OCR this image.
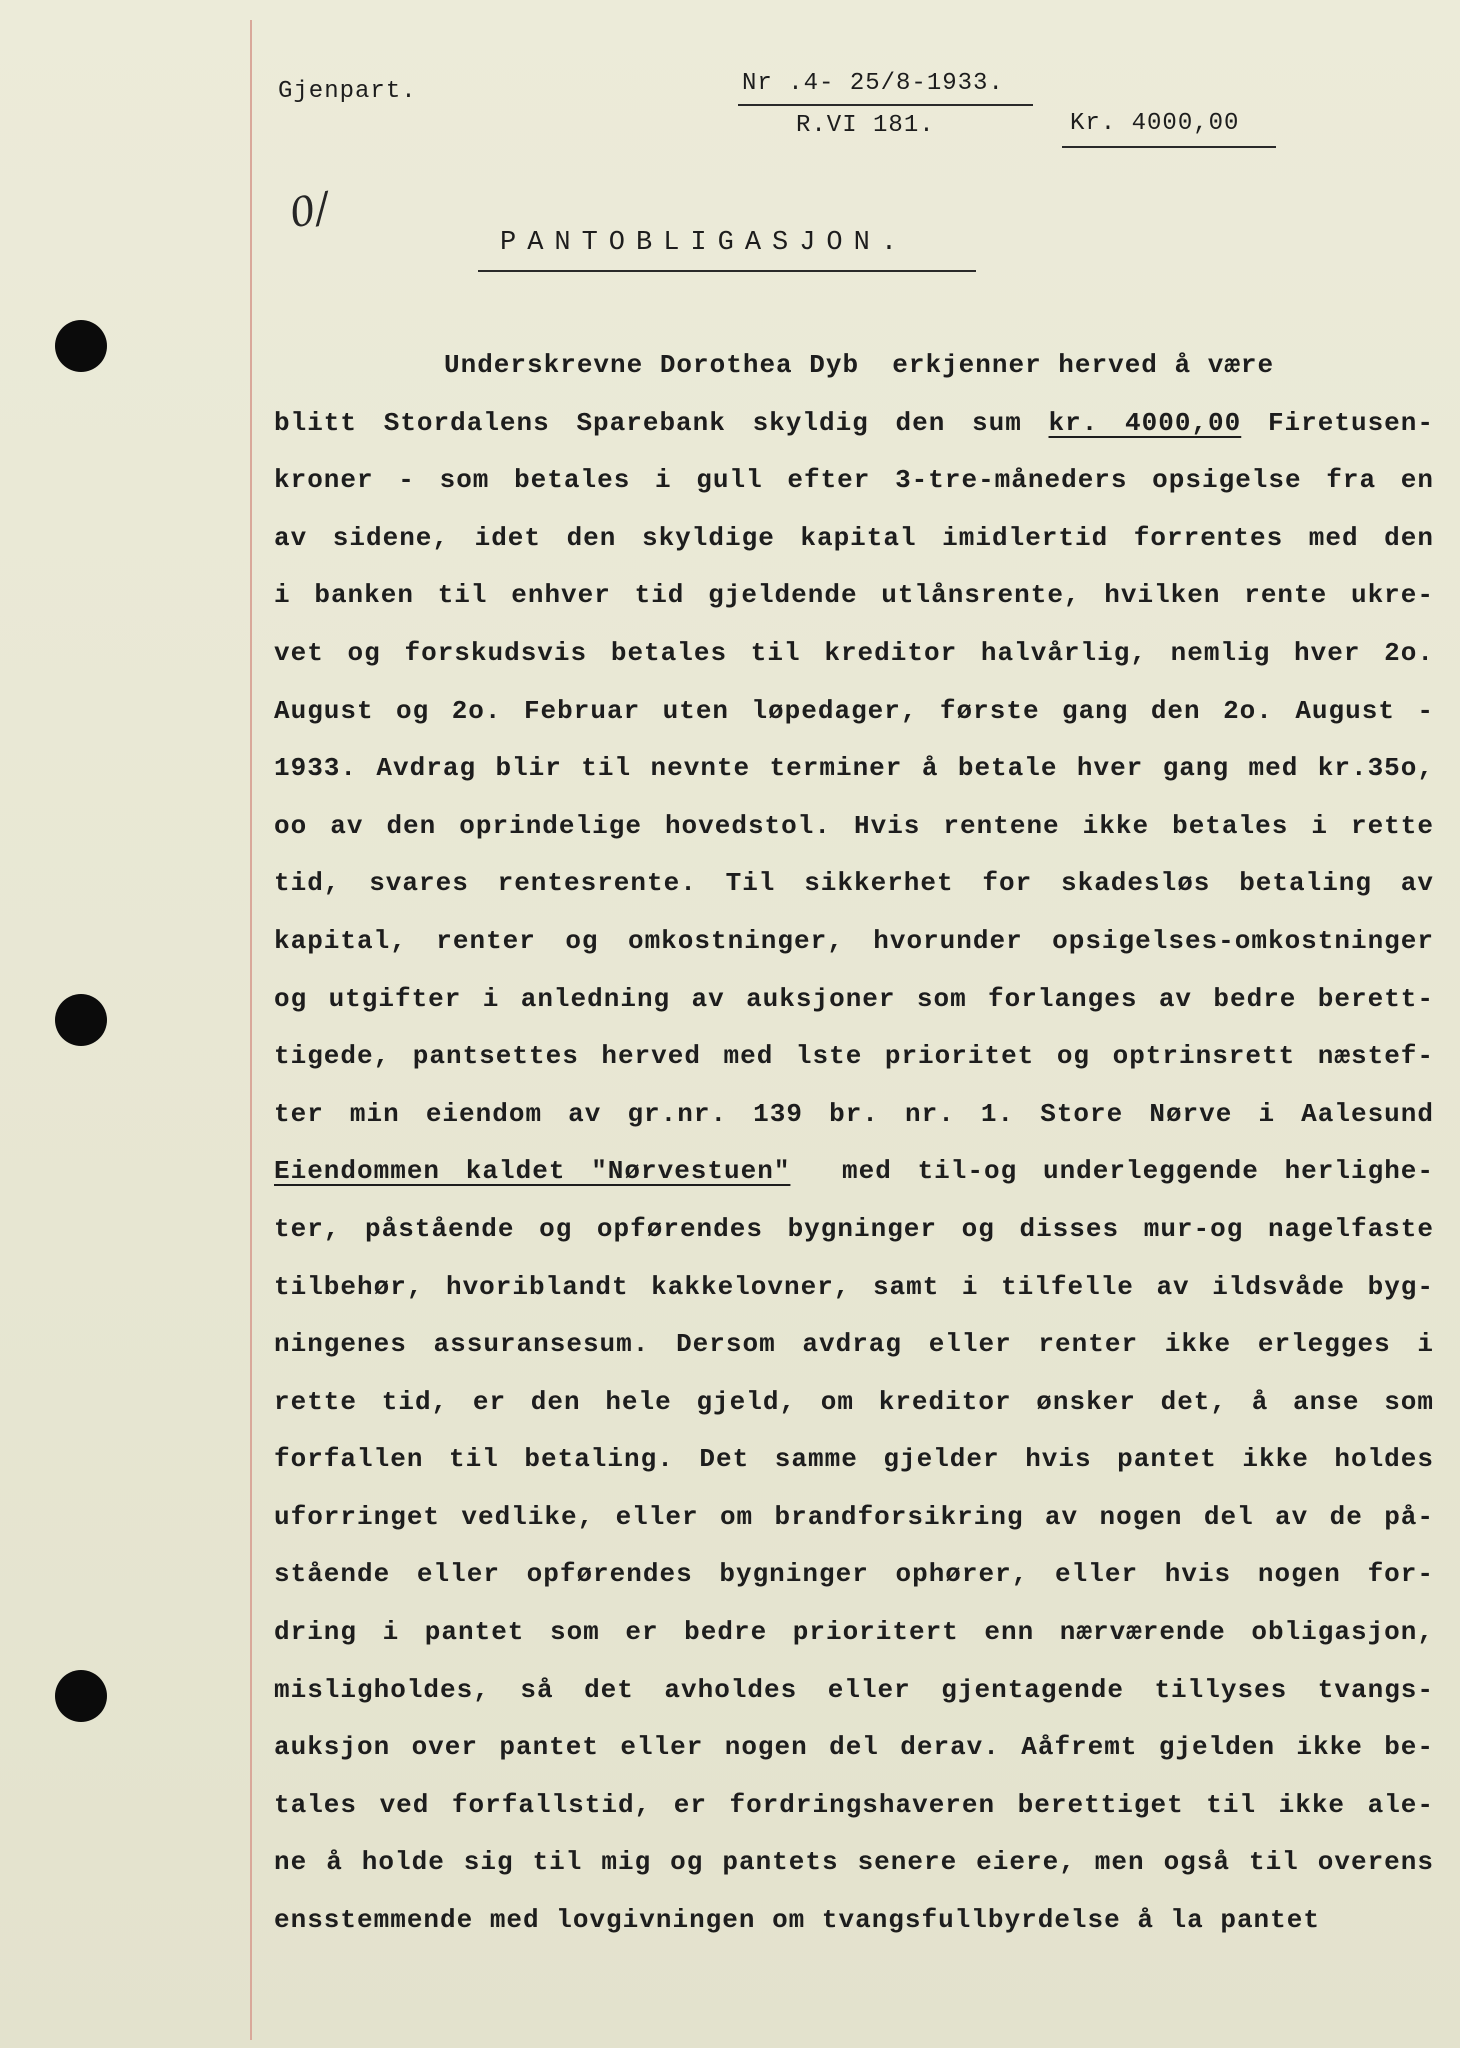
Gjenpart.	Nr .4- 25/8-1933.
R.VI 181.	Kr. 4000,00
0/
PANTOBLIGASJON.
Underskrevne Dorothea Dyb  erkjenner herved å være
blitt Stordalens Sparebank skyldig den sum kr. 4000,00 Firetusen-
kroner - som betales i gull efter 3-tre-måneders opsigelse fra en
av sidene, idet den skyldige kapital imidlertid forrentes med den
i banken til enhver tid gjeldende utlånsrente, hvilken rente ukre-
vet og forskudsvis betales til kreditor halvårlig, nemlig hver 2o.
August og 2o. Februar uten løpedager, første gang den 2o. August -
1933. Avdrag blir til nevnte terminer å betale hver gang med kr.35o,
oo av den oprindelige hovedstol. Hvis rentene ikke betales i rette
tid, svares rentesrente. Til sikkerhet for skadesløs betaling av
kapital, renter og omkostninger, hvorunder opsigelses-omkostninger
og utgifter i anledning av auksjoner som forlanges av bedre berett-
tigede, pantsettes herved med lste prioritet og optrinsrett næstef-
ter min eiendom av gr.nr. 139 br. nr. 1. Store Nørve i Aalesund
Eiendommen kaldet "Nørvestuen"  med til-og underleggende herlighe-
ter, påstående og opførendes bygninger og disses mur-og nagelfaste
tilbehør, hvoriblandt kakkelovner, samt i tilfelle av ildsvåde byg-
ningenes assuransesum. Dersom avdrag eller renter ikke erlegges i
rette tid, er den hele gjeld, om kreditor ønsker det, å anse som
forfallen til betaling. Det samme gjelder hvis pantet ikke holdes
uforringet vedlike, eller om brandforsikring av nogen del av de på-
stående eller opførendes bygninger ophører, eller hvis nogen for-
dring i pantet som er bedre prioritert enn nærværende obligasjon,
misligholdes, så det avholdes eller gjentagende tillyses tvangs-
auksjon over pantet eller nogen del derav. Aåfremt gjelden ikke be-
tales ved forfallstid, er fordringshaveren berettiget til ikke ale-
ne å holde sig til mig og pantets senere eiere, men også til overens
ensstemmende med lovgivningen om tvangsfullbyrdelse å la pantet
